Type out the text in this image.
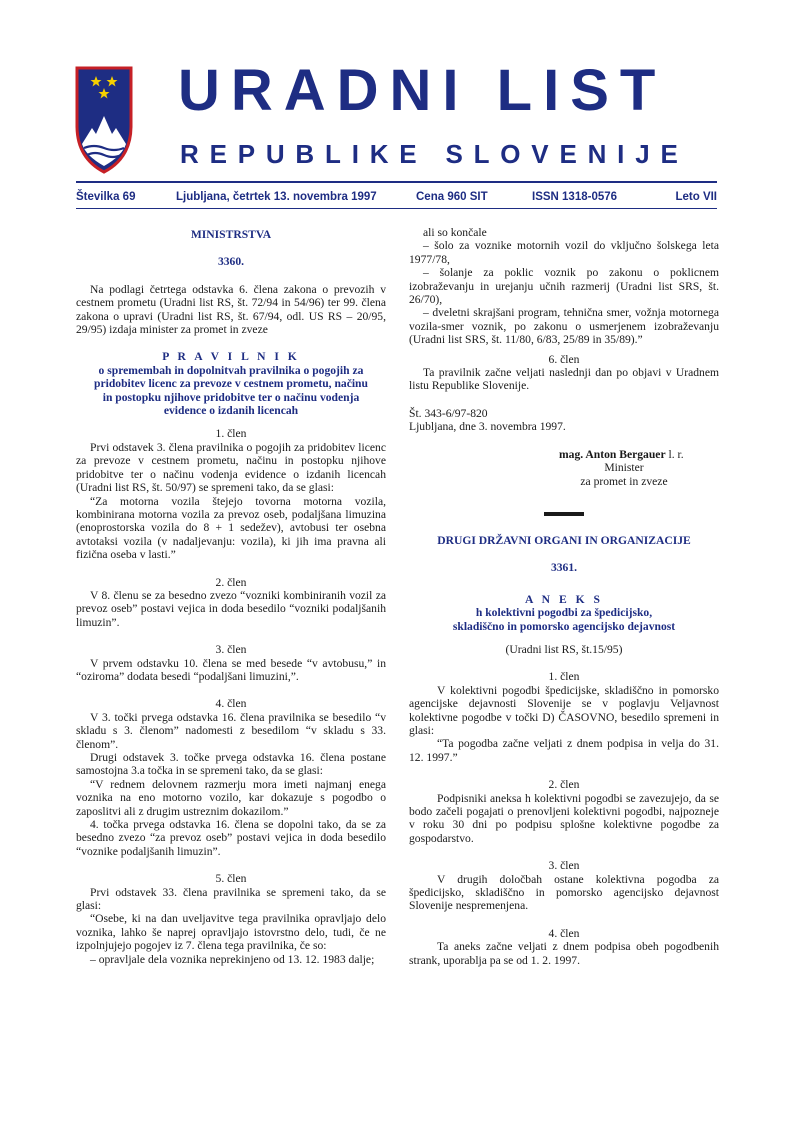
URADNI LIST
REPUBLIKE SLOVENIJE
Številka 69	Ljubljana, četrtek 13. novembra 1997	Cena 960 SIT	ISSN 1318-0576	Leto VII

MINISTRSTVA

3360.

Na podlagi četrtega odstavka 6. člena zakona o prevozih v cestnem prometu (Uradni list RS, št. 72/94 in 54/96) ter 99. člena zakona o upravi (Uradni list RS, št. 67/94, odl. US RS – 20/95, 29/95) izdaja minister za promet in zveze

P R A V I L N I K

o spremembah in dopolnitvah pravilnika o pogojih za pridobitev licenc za prevoze v cestnem prometu, načinu in postopku njihove pridobitve ter o načinu vodenja evidence o izdanih licencah

1. člen

Prvi odstavek 3. člena pravilnika o pogojih za pridobitev licenc za prevoze v cestnem prometu, načinu in postopku njihove pridobitve ter o načinu vodenja evidence o izdanih licencah (Uradni list RS, št. 50/97) se spremeni tako, da se glasi:

“Za motorna vozila štejejo tovorna motorna vozila, kombinirana motorna vozila za prevoz oseb, podaljšana limuzina (enoprostorska vozila do 8 + 1 sedežev), avtobusi ter osebna avtotaksi vozila (v nadaljevanju: vozila), ki jih ima pravna ali fizična oseba v lasti.”

2. člen

V 8. členu se za besedno zvezo “vozniki kombiniranih vozil za prevoz oseb” postavi vejica in doda besedilo “vozniki podaljšanih limuzin”.

3. člen

V prvem odstavku 10. člena se med besede “v avtobusu,” in “oziroma” dodata besedi “podaljšani limuzini,”.

4. člen

V 3. točki prvega odstavka 16. člena pravilnika se besedilo “v skladu s 3. členom” nadomesti z besedilom “v skladu s 33. členom”.

Drugi odstavek 3. točke prvega odstavka 16. člena postane samostojna 3.a točka in se spremeni tako, da se glasi:

“V rednem delovnem razmerju mora imeti najmanj enega voznika na eno motorno vozilo, kar dokazuje s pogodbo o zaposlitvi ali z drugim ustreznim dokazilom.”

4. točka prvega odstavka 16. člena se dopolni tako, da se za besedno zvezo “za prevoz oseb” postavi vejica in doda besedilo “voznike podaljšanih limuzin”.

5. člen

Prvi odstavek 33. člena pravilnika se spremeni tako, da se glasi:

“Osebe, ki na dan uveljavitve tega pravilnika opravljajo delo voznika, lahko še naprej opravljajo istovrstno delo, tudi, če ne izpolnjujejo pogojev iz 7. člena tega pravilnika, če so:

– opravljale dela voznika neprekinjeno od 13. 12. 1983 dalje;

ali so končale

– šolo za voznike motornih vozil do vključno šolskega leta 1977/78,

– šolanje za poklic voznik po zakonu o poklicnem izobraževanju in urejanju učnih razmerij (Uradni list SRS, št. 26/70),

– dveletni skrajšani program, tehnična smer, vožnja motornega vozila-smer voznik, po zakonu o usmerjenem izobraževanju (Uradni list SRS, št. 11/80, 6/83, 25/89 in 35/89).”

6. člen

Ta pravilnik začne veljati naslednji dan po objavi v Uradnem listu Republike Slovenije.

Št. 343-6/97-820

Ljubljana, dne 3. novembra 1997.

mag. Anton Bergauer l. r.

Minister

za promet in zveze

DRUGI DRŽAVNI ORGANI IN ORGANIZACIJE

3361.

A N E K S

h kolektivni pogodbi za špedicijsko, skladiščno in pomorsko agencijsko dejavnost

(Uradni list RS, št.15/95)

1. člen

V kolektivni pogodbi špedicijske, skladiščno in pomorsko agencijske dejavnosti Slovenije se v poglavju Veljavnost kolektivne pogodbe v točki D) ČASOVNO, besedilo spremeni in glasi:

“Ta pogodba začne veljati z dnem podpisa in velja do 31. 12. 1997.”

2. člen

Podpisniki aneksa h kolektivni pogodbi se zavezujejo, da se bodo začeli pogajati o prenovljeni kolektivni pogodbi, najpozneje v roku 30 dni po podpisu splošne kolektivne pogodbe za gospodarstvo.

3. člen

V drugih določbah ostane kolektivna pogodba za špedicijsko, skladiščno in pomorsko agencijsko dejavnost Slovenije nespremenjena.

4. člen

Ta aneks začne veljati z dnem podpisa obeh pogodbenih strank, uporablja pa se od 1. 2. 1997.
